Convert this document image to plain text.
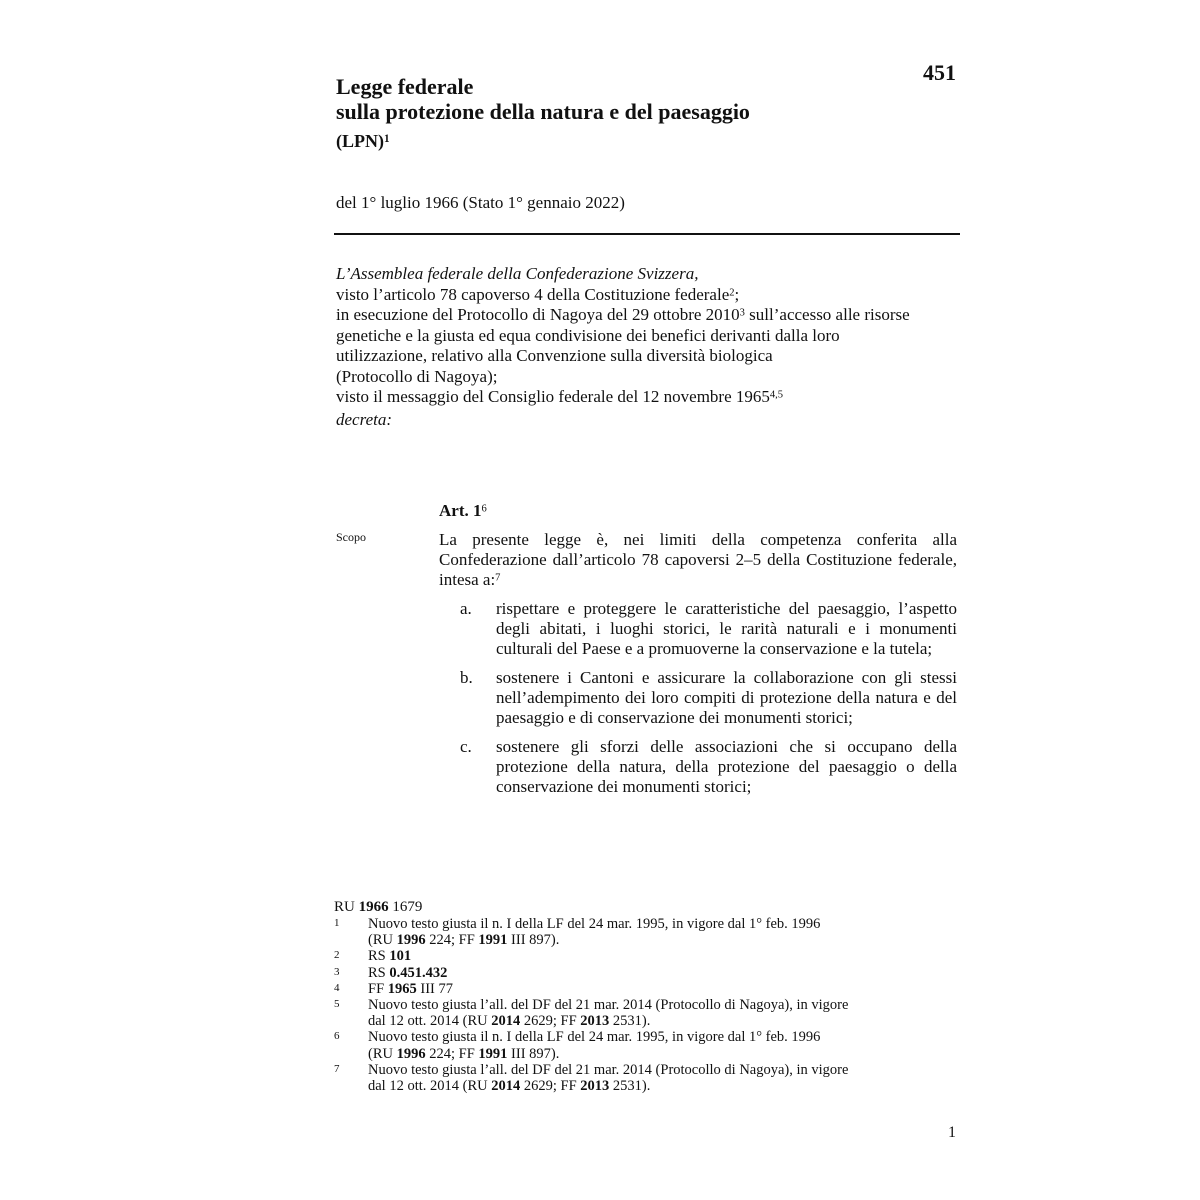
Legge federale
sulla protezione della natura e del paesaggio
(LPN)$^1$
451
del 1° luglio 1966 (Stato 1° gennaio 2022)
L’Assemblea federale della Confederazione Svizzera,
visto l’articolo 78 capoverso 4 della Costituzione federale$^2$;
in esecuzione del Protocollo di Nagoya del 29 ottobre 2010$^3$ sull’accesso alle risorse
genetiche e la giusta ed equa condivisione dei benefici derivanti dalla loro
utilizzazione, relativo alla Convenzione sulla diversità biologica
(Protocollo di Nagoya);
visto il messaggio del Consiglio federale del 12 novembre 1965$^{4,5}$
decreta:
Art. $1^6$
Scopo	La presente legge è, nei limiti della competenza conferita alla Confederazione dall’articolo 78 capoversi 2–5 della Costituzione federale, intesa a:$^7$
a.	rispettare e proteggere le caratteristiche del paesaggio, l’aspetto degli abitati, i luoghi storici, le rarità naturali e i monumenti culturali del Paese e a promuoverne la conservazione e la tutela;
b.	sostenere i Cantoni e assicurare la collaborazione con gli stessi nell’adempimento dei loro compiti di protezione della natura e del paesaggio e di conservazione dei monumenti storici;
c.	sostenere gli sforzi delle associazioni che si occupano della protezione della natura, della protezione del paesaggio o della conservazione dei monumenti storici;
RU 1966 1679
1	Nuovo testo giusta il n. I della LF del 24 mar. 1995, in vigore dal 1° feb. 1996
(RU 1996 224; FF 1991 III 897).
2	RS 101
3	RS 0.451.432
4	FF 1965 III 77
5	Nuovo testo giusta l’all. del DF del 21 mar. 2014 (Protocollo di Nagoya), in vigore
dal 12 ott. 2014 (RU 2014 2629; FF 2013 2531).
6	Nuovo testo giusta il n. I della LF del 24 mar. 1995, in vigore dal 1° feb. 1996
(RU 1996 224; FF 1991 III 897).
7	Nuovo testo giusta l’all. del DF del 21 mar. 2014 (Protocollo di Nagoya), in vigore
dal 12 ott. 2014 (RU 2014 2629; FF 2013 2531).
1
